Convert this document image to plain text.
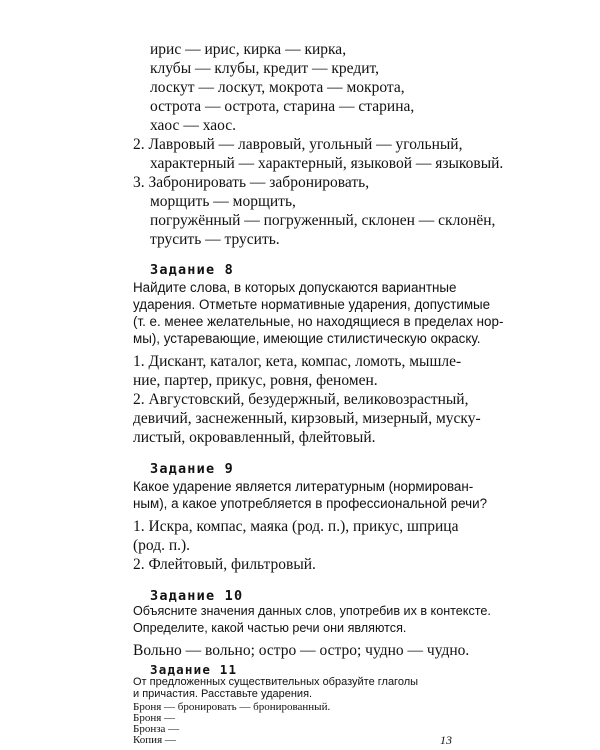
ирис — ирис, кирка — кирка,
клубы — клубы, кредит — кредит,
лоскут — лоскут, мокрота — мокрота,
острота — острота, старина — старина,
хаос — хаос.
2. Лавровый — лавровый, угольный — угольный,
характерный — характерный, языковой — языковый.
3. Забронировать — забронировать,
морщить — морщить,
погружённый — погруженный, склонен — склонён,
трусить — трусить.
Задание 8
Найдите слова, в которых допускаются вариантные
ударения. Отметьте нормативные ударения, допустимые
(т. е. менее желательные, но находящиеся в пределах нор-
мы), устаревающие, имеющие стилистическую окраску.
1. Дискант, каталог, кета, компас, ломоть, мышле-
ние, партер, прикус, ровня, феномен.
2. Августовский, безудержный, великовозрастный,
девичий, заснеженный, кирзовый, мизерный, муску-
листый, окровавленный, флейтовый.
Задание 9
Какое ударение является литературным (нормирован-
ным), а какое употребляется в профессиональной речи?
1. Искра, компас, маяка (род. п.), прикус, шприца
(род. п.).
2. Флейтовый, фильтровый.
Задание 10
Объясните значения данных слов, употребив их в контексте.
Определите, какой частью речи они являются.
Вольно — вольно; остро — остро; чудно — чудно.
Задание 11
От предложенных существительных образуйте глаголы
и причастия. Расставьте ударения.
Броня — бронировать — бронированный.
Броня —
Бронза —
Копия —	13
